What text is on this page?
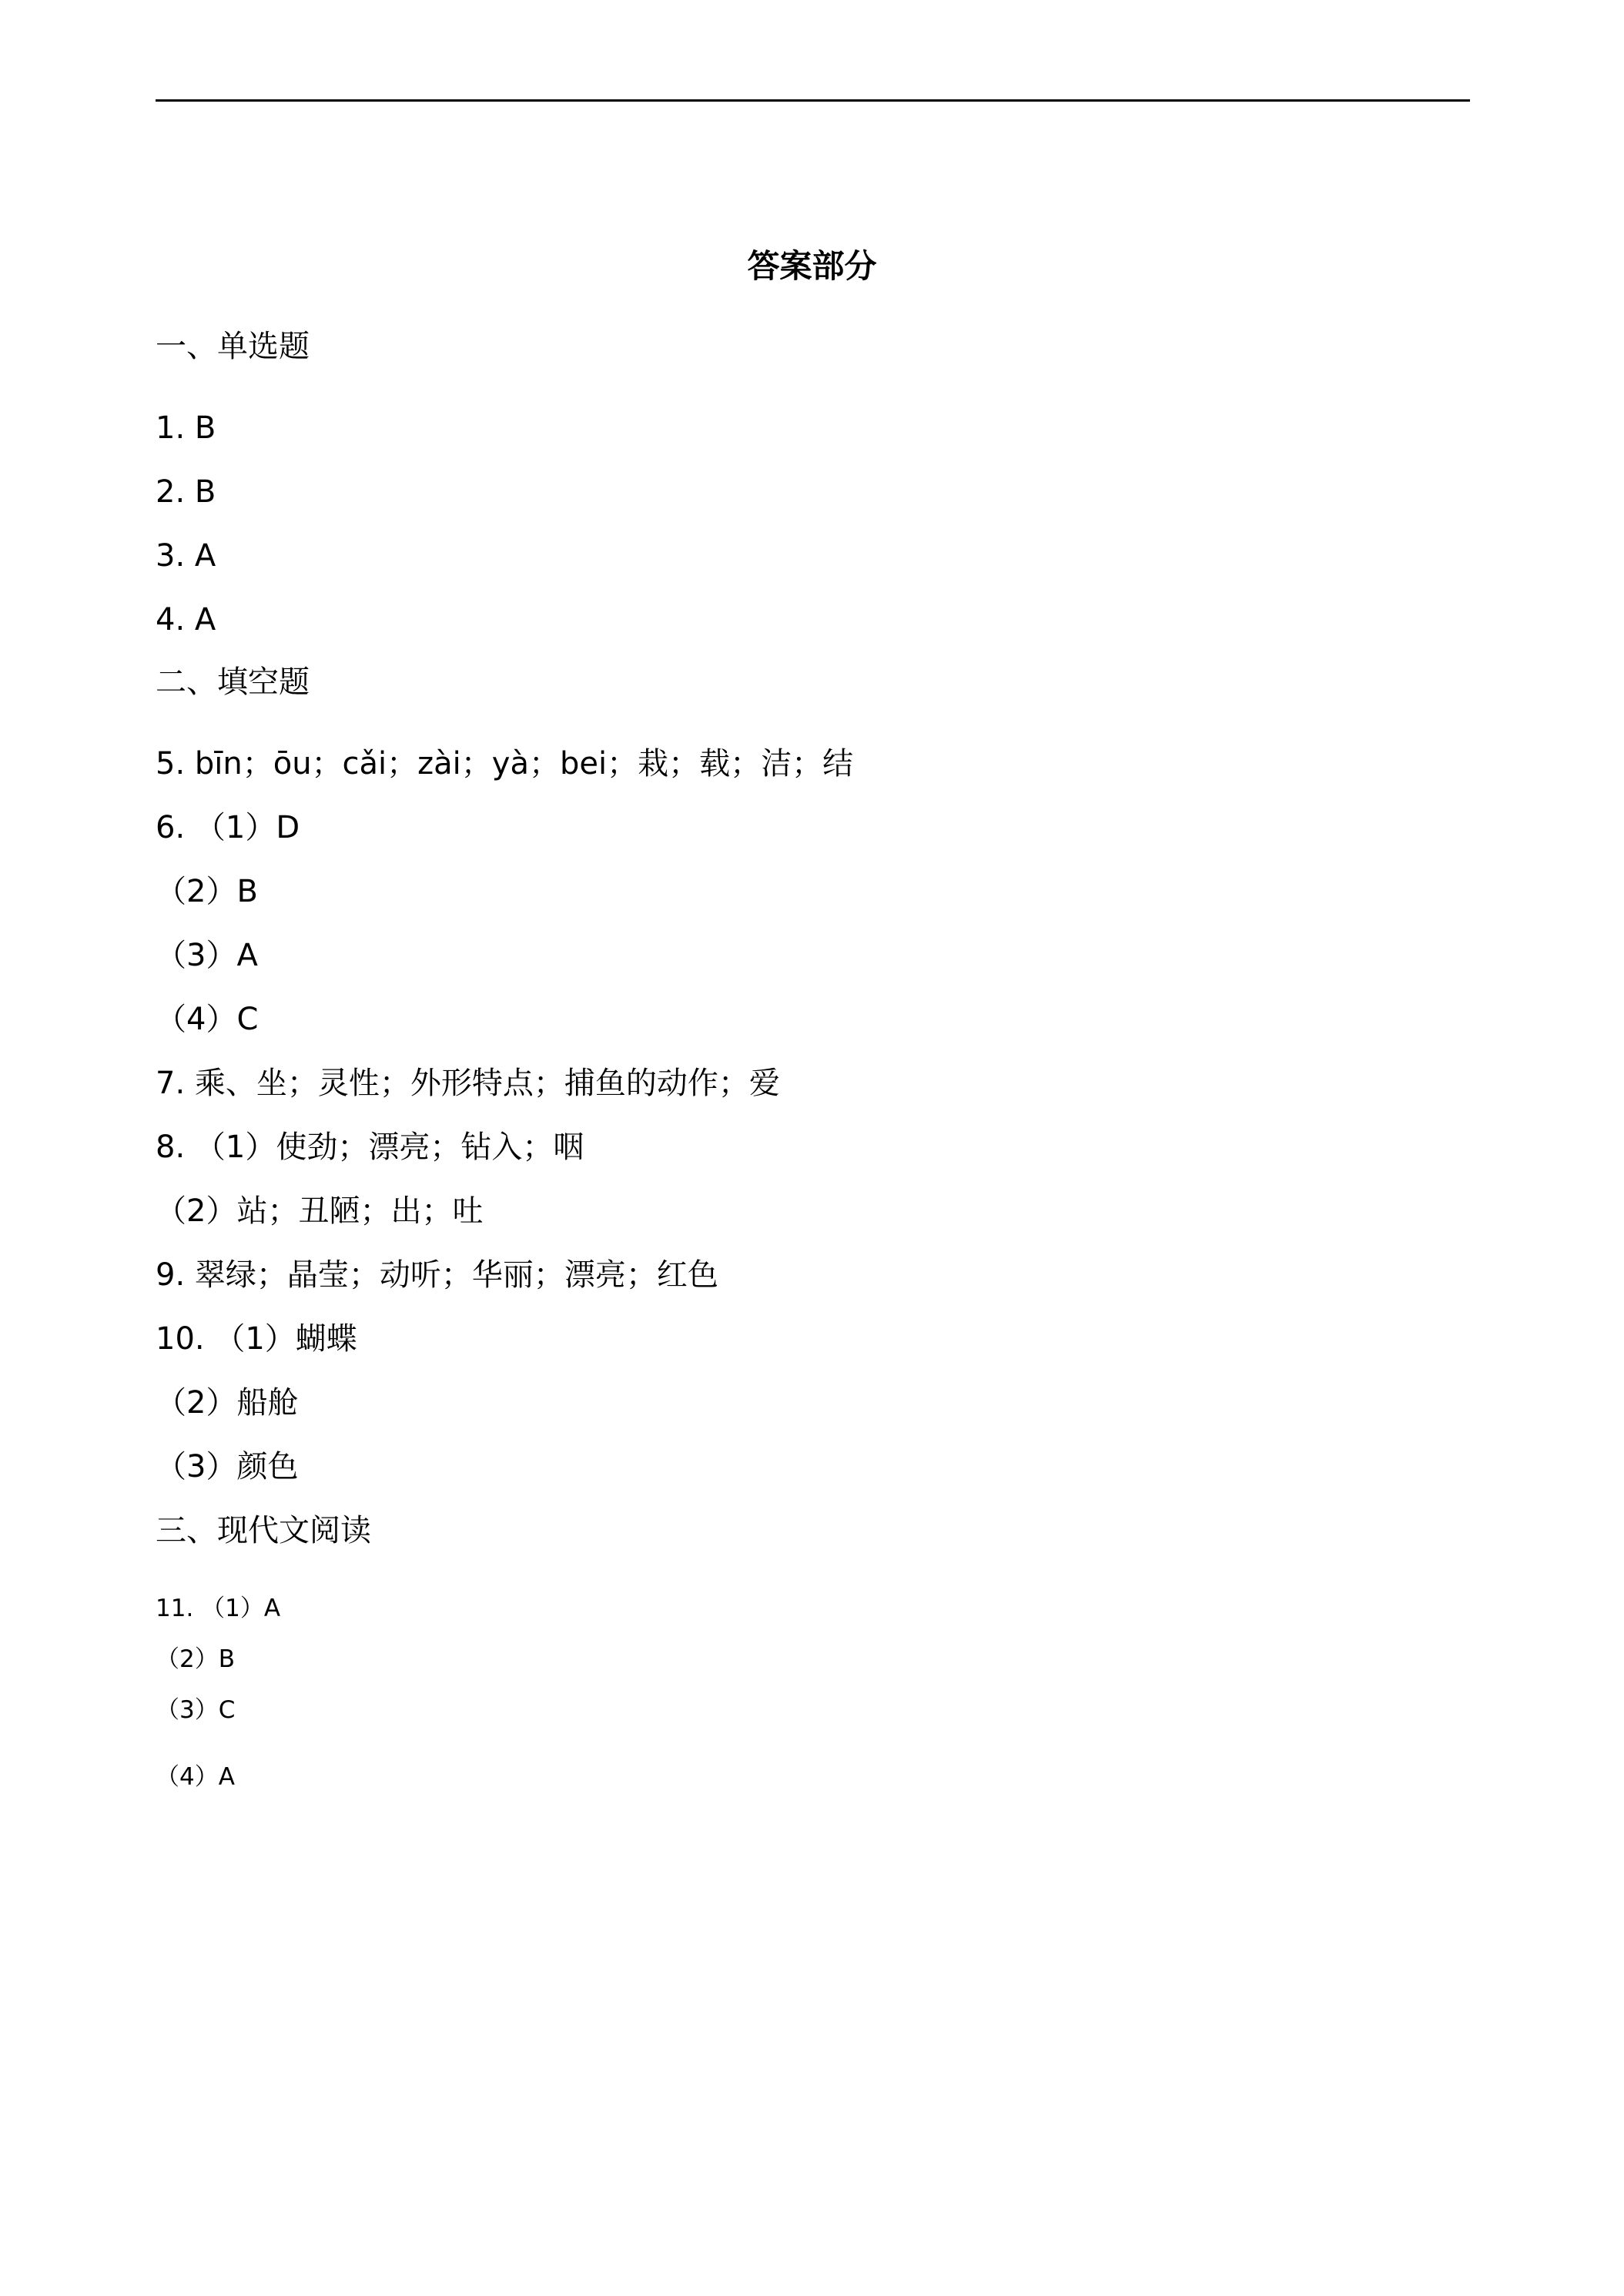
答案部分
一、单选题
1. B
2. B
3. A
4. A
二、填空题
5. bīn；ōu；cǎi；zài；yà；bei；栽；载；洁；结
6. （1）D
（2）B
（3）A
（4）C
7. 乘、坐；灵性；外形特点；捕鱼的动作；爱
8. （1）使劲；漂亮；钻入；咽
（2）站；丑陋；出；吐
9. 翠绿；晶莹；动听；华丽；漂亮；红色
10. （1）蝴蝶
（2）船舱
（3）颜色
三、现代文阅读
11. （1）A
（2）B
（3）C
（4）A
